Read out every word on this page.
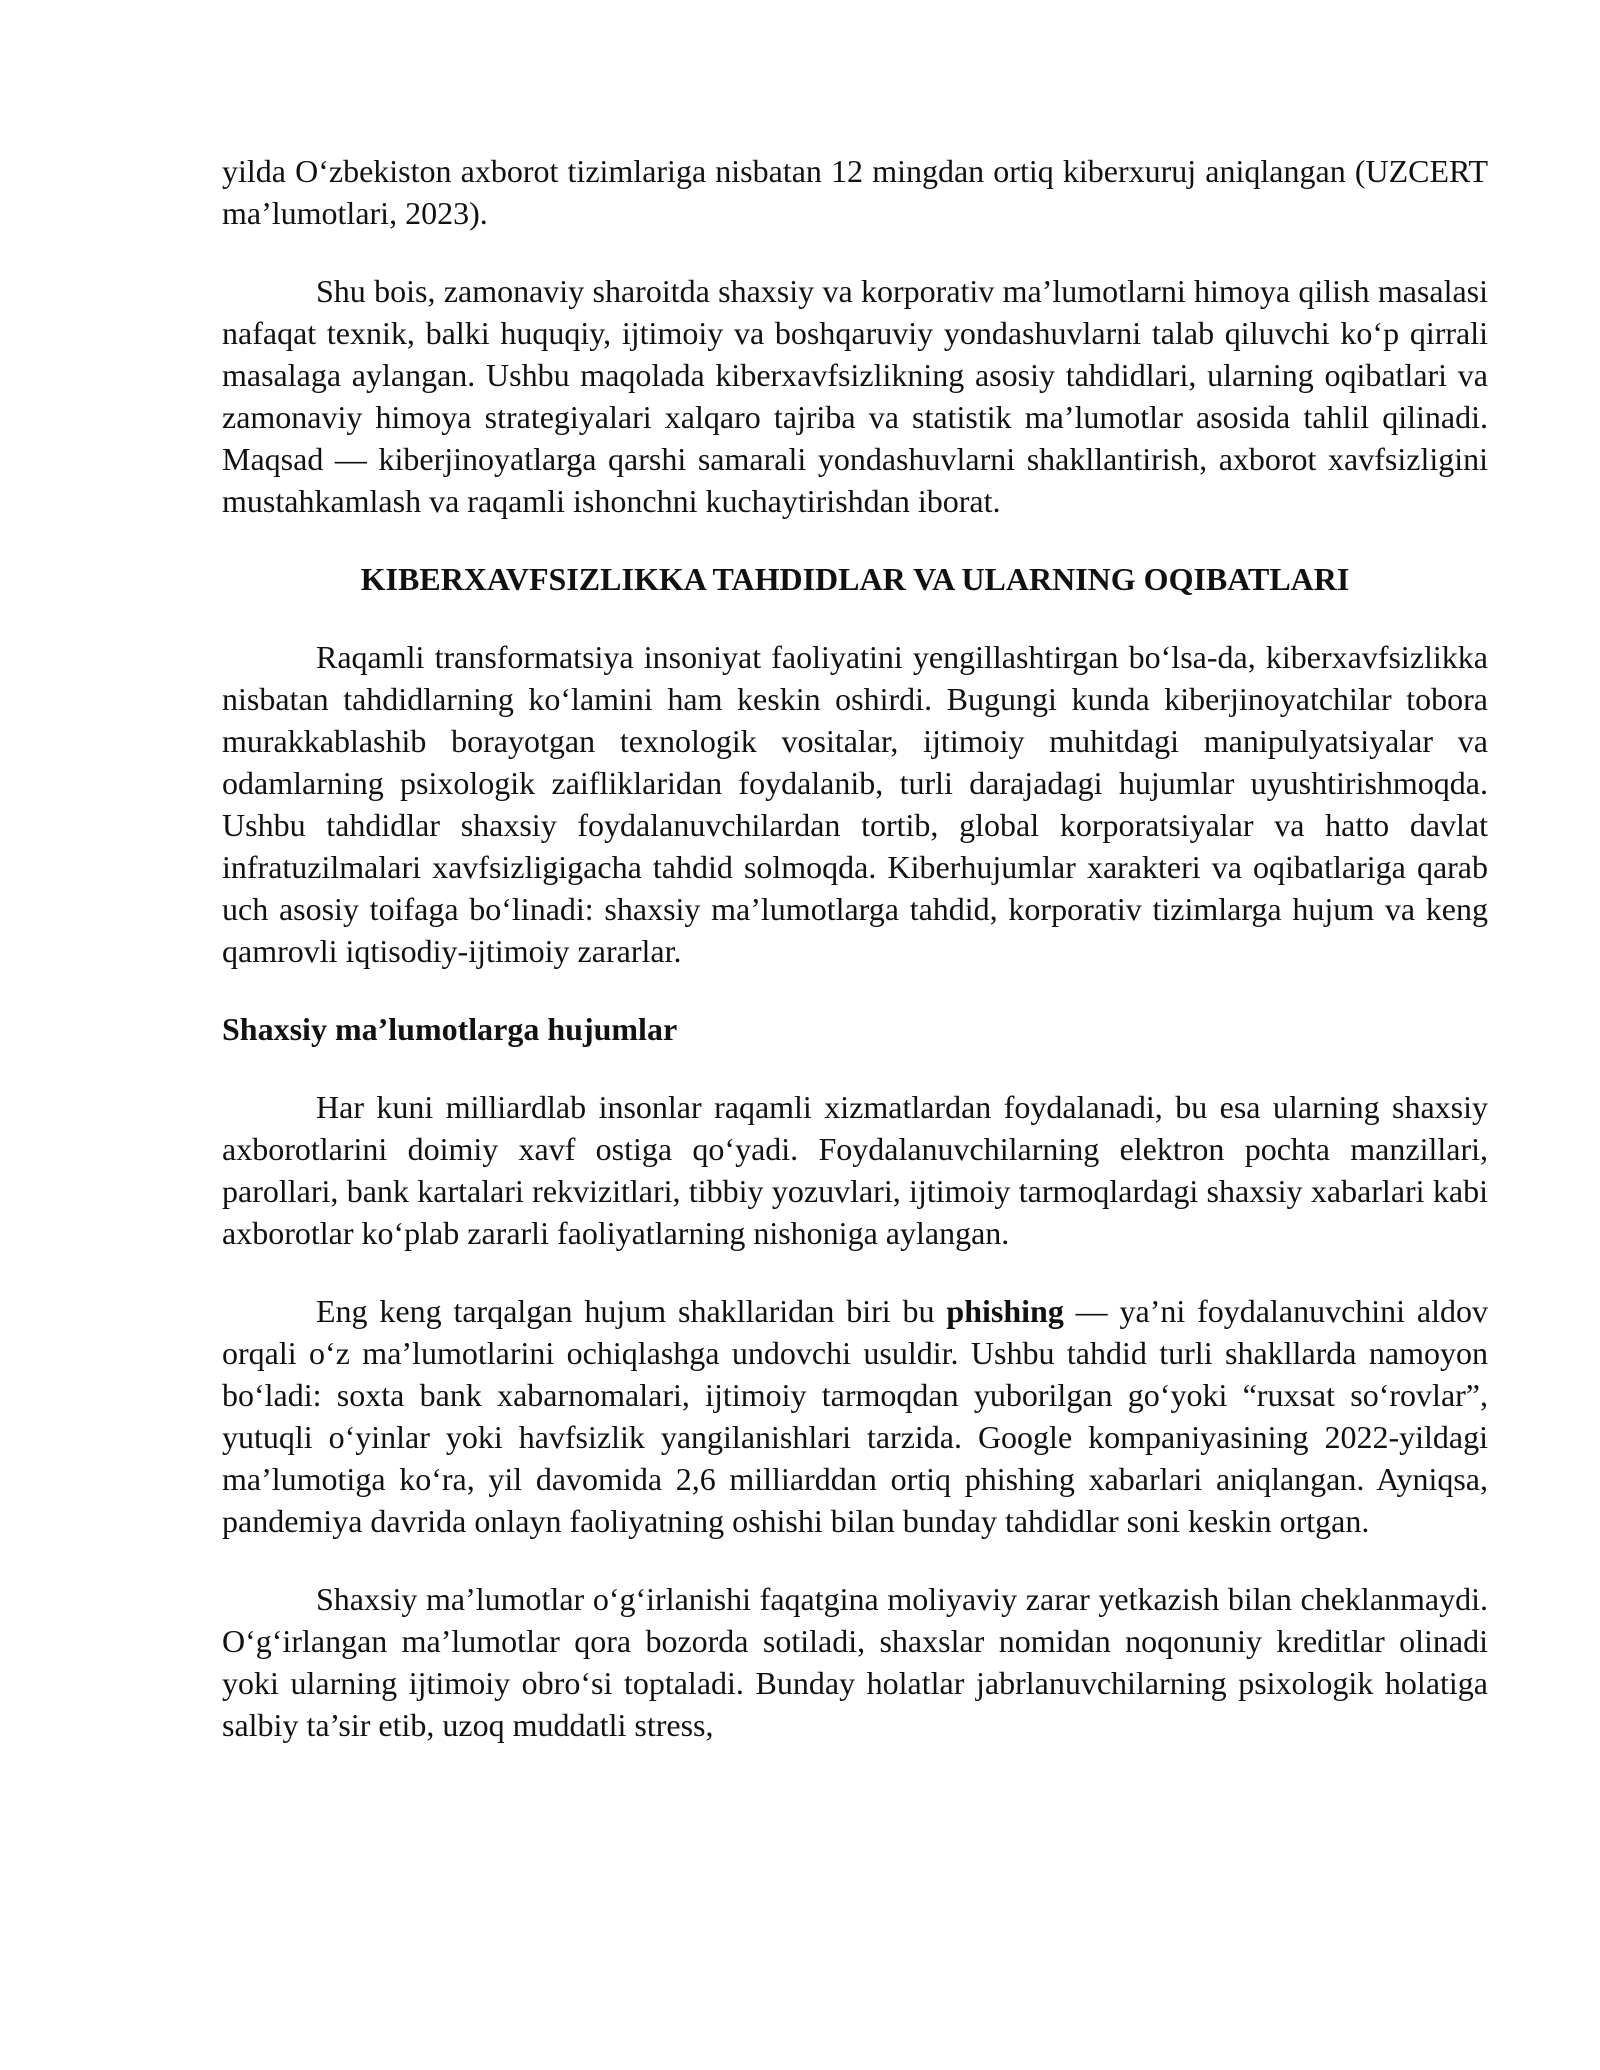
yilda O‘zbekiston axborot tizimlariga nisbatan 12 mingdan ortiq kiberxuruj aniqlangan (UZCERT ma’lumotlari, 2023).

Shu bois, zamonaviy sharoitda shaxsiy va korporativ ma’lumotlarni himoya qilish masalasi nafaqat texnik, balki huquqiy, ijtimoiy va boshqaruviy yondashuvlarni talab qiluvchi ko‘p qirrali masalaga aylangan. Ushbu maqolada kiberxavfsizlikning asosiy tahdidlari, ularning oqibatlari va zamonaviy himoya strategiyalari xalqaro tajriba va statistik ma’lumotlar asosida tahlil qilinadi. Maqsad — kiberjinoyatlarga qarshi samarali yondashuvlarni shakllantirish, axborot xavfsizligini mustahkamlash va raqamli ishonchni kuchaytirishdan iborat.

KIBERXAVFSIZLIKKA TAHDIDLAR VA ULARNING OQIBATLARI

Raqamli transformatsiya insoniyat faoliyatini yengillashtirgan bo‘lsa-da, kiberxavfsizlikka nisbatan tahdidlarning ko‘lamini ham keskin oshirdi. Bugungi kunda kiberjinoyatchilar tobora murakkablashib borayotgan texnologik vositalar, ijtimoiy muhitdagi manipulyatsiyalar va odamlarning psixologik zaifliklaridan foydalanib, turli darajadagi hujumlar uyushtirishmoqda. Ushbu tahdidlar shaxsiy foydalanuvchilardan tortib, global korporatsiyalar va hatto davlat infratuzilmalari xavfsizligigacha tahdid solmoqda. Kiberhujumlar xarakteri va oqibatlariga qarab uch asosiy toifaga bo‘linadi: shaxsiy ma’lumotlarga tahdid, korporativ tizimlarga hujum va keng qamrovli iqtisodiy-ijtimoiy zararlar.

Shaxsiy ma’lumotlarga hujumlar

Har kuni milliardlab insonlar raqamli xizmatlardan foydalanadi, bu esa ularning shaxsiy axborotlarini doimiy xavf ostiga qo‘yadi. Foydalanuvchilarning elektron pochta manzillari, parollari, bank kartalari rekvizitlari, tibbiy yozuvlari, ijtimoiy tarmoqlardagi shaxsiy xabarlari kabi axborotlar ko‘plab zararli faoliyatlarning nishoniga aylangan.

Eng keng tarqalgan hujum shakllaridan biri bu phishing — ya’ni foydalanuvchini aldov orqali o‘z ma’lumotlarini ochiqlashga undovchi usuldir. Ushbu tahdid turli shakllarda namoyon bo‘ladi: soxta bank xabarnomalari, ijtimoiy tarmoqdan yuborilgan go‘yoki “ruxsat so‘rovlar”, yutuqli o‘yinlar yoki havfsizlik yangilanishlari tarzida. Google kompaniyasining 2022-yildagi ma’lumotiga ko‘ra, yil davomida 2,6 milliarddan ortiq phishing xabarlari aniqlangan. Ayniqsa, pandemiya davrida onlayn faoliyatning oshishi bilan bunday tahdidlar soni keskin ortgan.

Shaxsiy ma’lumotlar o‘g‘irlanishi faqatgina moliyaviy zarar yetkazish bilan cheklanmaydi. O‘g‘irlangan ma’lumotlar qora bozorda sotiladi, shaxslar nomidan noqonuniy kreditlar olinadi yoki ularning ijtimoiy obro‘si toptaladi. Bunday holatlar jabrlanuvchilarning psixologik holatiga salbiy ta’sir etib, uzoq muddatli stress,
